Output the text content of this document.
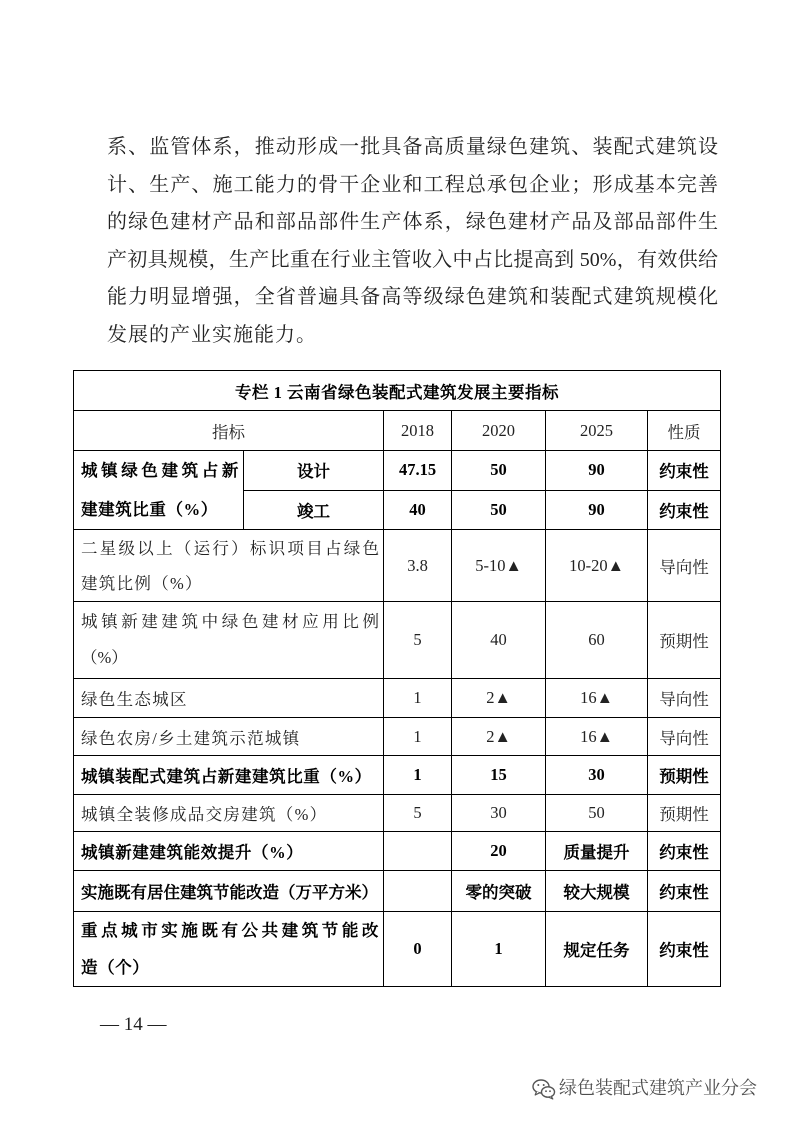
系、监管体系，推动形成一批具备高质量绿色建筑、装配式建筑设
计、生产、施工能力的骨干企业和工程总承包企业；形成基本完善
的绿色建材产品和部品部件生产体系，绿色建材产品及部品部件生
产初具规模，生产比重在行业主管收入中占比提高到 50%，有效供给
能力明显增强，全省普遍具备高等级绿色建筑和装配式建筑规模化
发展的产业实施能力。
专栏 1 云南省绿色装配式建筑发展主要指标					
指标		2018	2020	2025	性质

城镇绿色建筑占新
建建筑比重（%）	设计	47.15	50	90	约束性
	竣工	40	50	90	约束性

二星级以上（运行）标识项目占绿色
建筑比例（%）		3.8	5-10▲	10-20▲	导向性

城镇新建建筑中绿色建材应用比例
（%）		5	40	60	预期性
绿色生态城区		1	2▲	16▲	导向性
绿色农房/乡土建筑示范城镇		1	2▲	16▲	导向性
城镇装配式建筑占新建建筑比重（%）		1	15	30	预期性
城镇全装修成品交房建筑（%）		5	30	50	预期性
城镇新建建筑能效提升（%）			20	质量提升	约束性
实施既有居住建筑节能改造（万平方米）			零的突破	较大规模	约束性

重点城市实施既有公共建筑节能改
造（个）		0	1	规定任务	约束性
— 14 —
绿色装配式建筑产业分会
